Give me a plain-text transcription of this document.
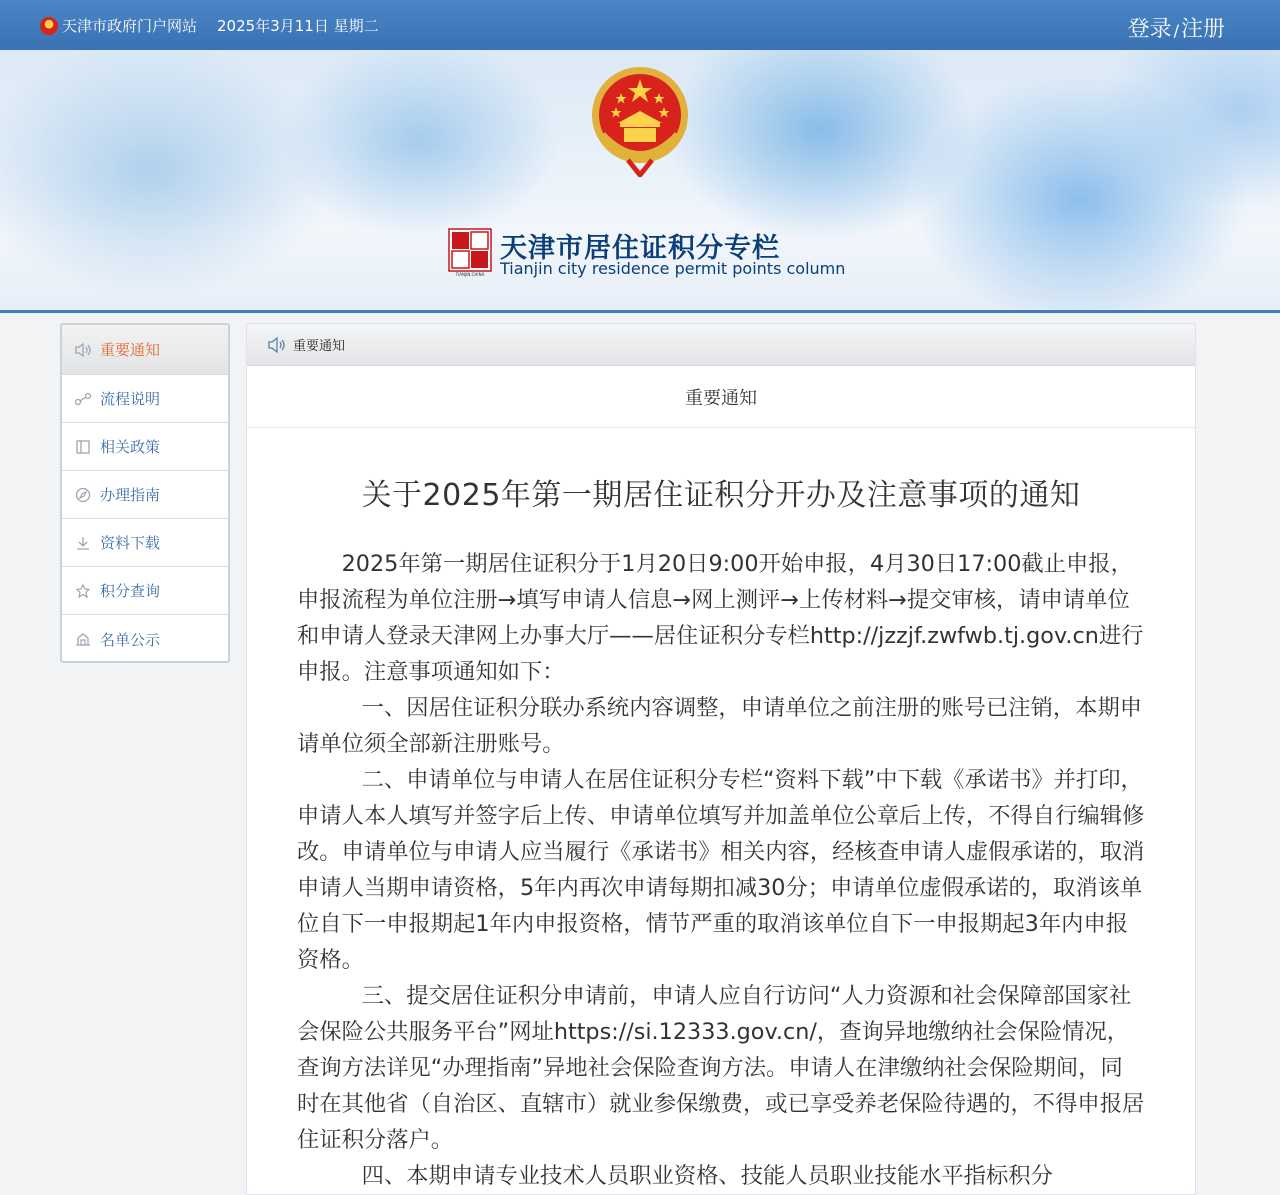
天津市政府门户网站 2025年3月11日 星期二	登录 /注册
TIANJIN.CHINA
天津市居住证积分专栏
Tianjin city residence permit points column
重要通知
流程说明
相关政策
办理指南
资料下载
积分查询
名单公示
重要通知
重要通知
关于2025年第一期居住证积分开办及注意事项的通知

2025年第一期居住证积分于1月20日9:00开始申报，4月30日17:00截止申报，申报流程为单位注册→填写申请人信息→网上测评→上传材料→提交审核，请申请单位和申请人登录天津网上办事大厅——居住证积分专栏http://jzzjf.zwfwb.tj.gov.cn进行申报。注意事项通知如下：

一、因居住证积分联办系统内容调整，申请单位之前注册的账号已注销，本期申请单位须全部新注册账号。

二、申请单位与申请人在居住证积分专栏“资料下载”中下载《承诺书》并打印，申请人本人填写并签字后上传、申请单位填写并加盖单位公章后上传，不得自行编辑修改。申请单位与申请人应当履行《承诺书》相关内容，经核查申请人虚假承诺的，取消申请人当期申请资格，5年内再次申请每期扣减30分；申请单位虚假承诺的，取消该单位自下一申报期起1年内申报资格，情节严重的取消该单位自下一申报期起3年内申报资格。

三、提交居住证积分申请前，申请人应自行访问“人力资源和社会保障部国家社会保险公共服务平台”网址https://si.12333.gov.cn/，查询异地缴纳社会保险情况，查询方法详见“办理指南”异地社会保险查询方法。申请人在津缴纳社会保险期间，同时在其他省（自治区、直辖市）就业参保缴费，或已享受养老保险待遇的，不得申报居住证积分落户。

四、本期申请专业技术人员职业资格、技能人员职业技能水平指标积分
